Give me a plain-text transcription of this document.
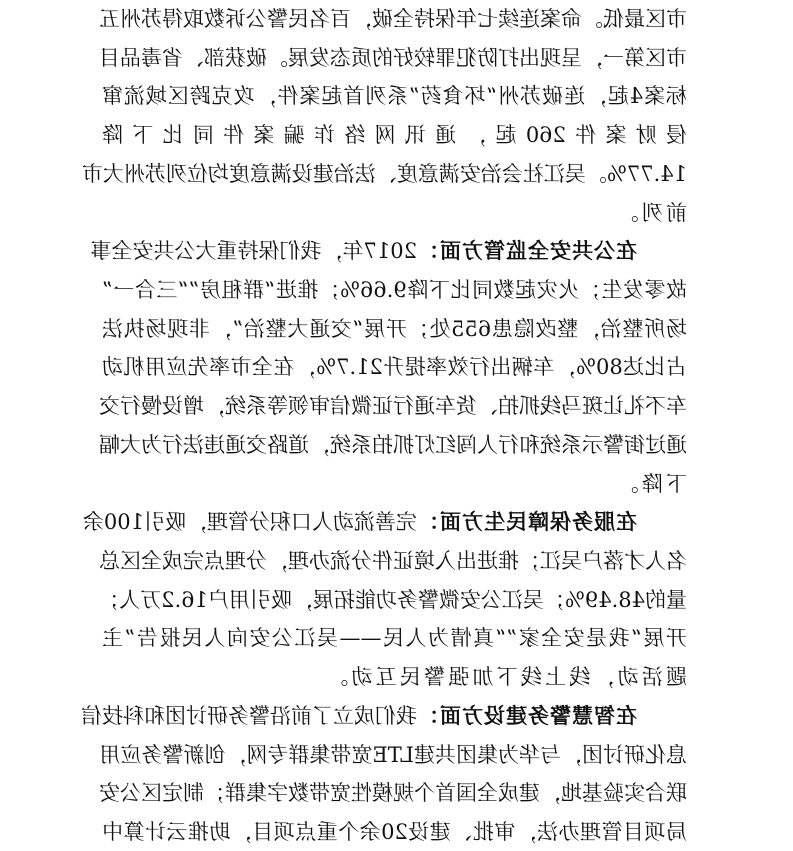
市区最低。命案连续七年保持全破，百名民警公诉数取得苏州五
市区第一，呈现出打防犯罪较好的质态发展。破获部、省毒品目
标案4起，连破苏州“坏食药”系列首起案件，攻克跨区域流窜
侵财案件260起，通讯网络诈骗案件同比下降
14.77%。吴江社会治安满意度、法治建设满意度均位列苏州大市
前列。
在公共安全监管方面：2017年，我们保持重大公共安全事
故零发生；火灾起数同比下降9.66%；推进“群租房”“三合一”
场所整治，整改隐患655处；开展“交通大整治”，非现场执法
占比达80%，车辆出行效率提升21.7%，在全市率先应用机动
车不礼让斑马线抓拍、货车通行证微信审领等系统，增设慢行交
通过街警示系统和行人闯红灯抓拍系统，道路交通违法行为大幅
下降。
在服务保障民生方面：完善流动人口积分管理，吸引100余
名人才落户吴江；推进出入境证件分流办理，分理点完成全区总
量的48.49%；吴江公安微警务功能拓展，吸引用户16.2万人；
开展“我是安全家”“真情为人民——吴江公安向人民报告”主
题活动，线上线下加强警民互动。
在智慧警务建设方面：我们成立了前沿警务研讨团和科技信
息化研讨团，与华为集团共建LTE宽带集群专网，创新警务应用
联合实验基地，建成全国首个规模性宽带数字集群；制定区公安
局项目管理办法，审批、建设20余个重点项目，助推云计算中
